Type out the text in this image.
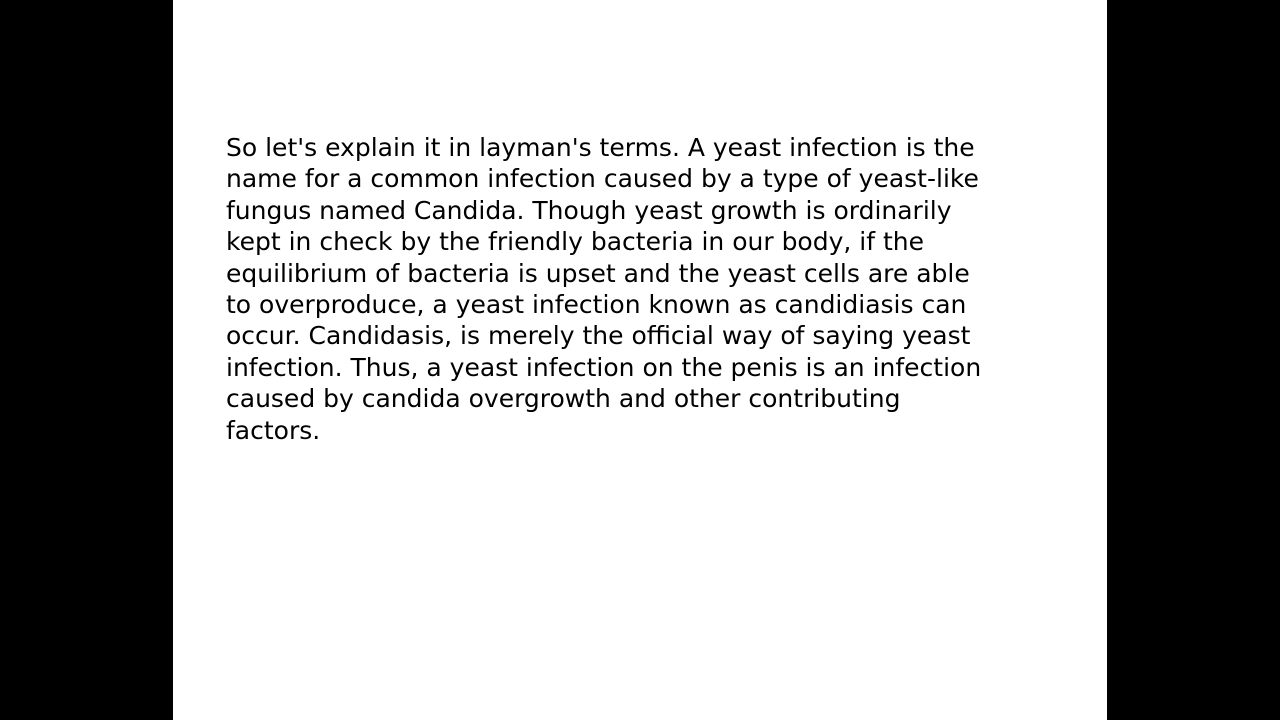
So let's explain it in layman's terms. A yeast infection is the
name for a common infection caused by a type of yeast-like
fungus named Candida. Though yeast growth is ordinarily
kept in check by the friendly bacteria in our body, if the
equilibrium of bacteria is upset and the yeast cells are able
to overproduce, a yeast infection known as candidiasis can
occur. Candidasis, is merely the official way of saying yeast
infection. Thus, a yeast infection on the penis is an infection
caused by candida overgrowth and other contributing
factors.
